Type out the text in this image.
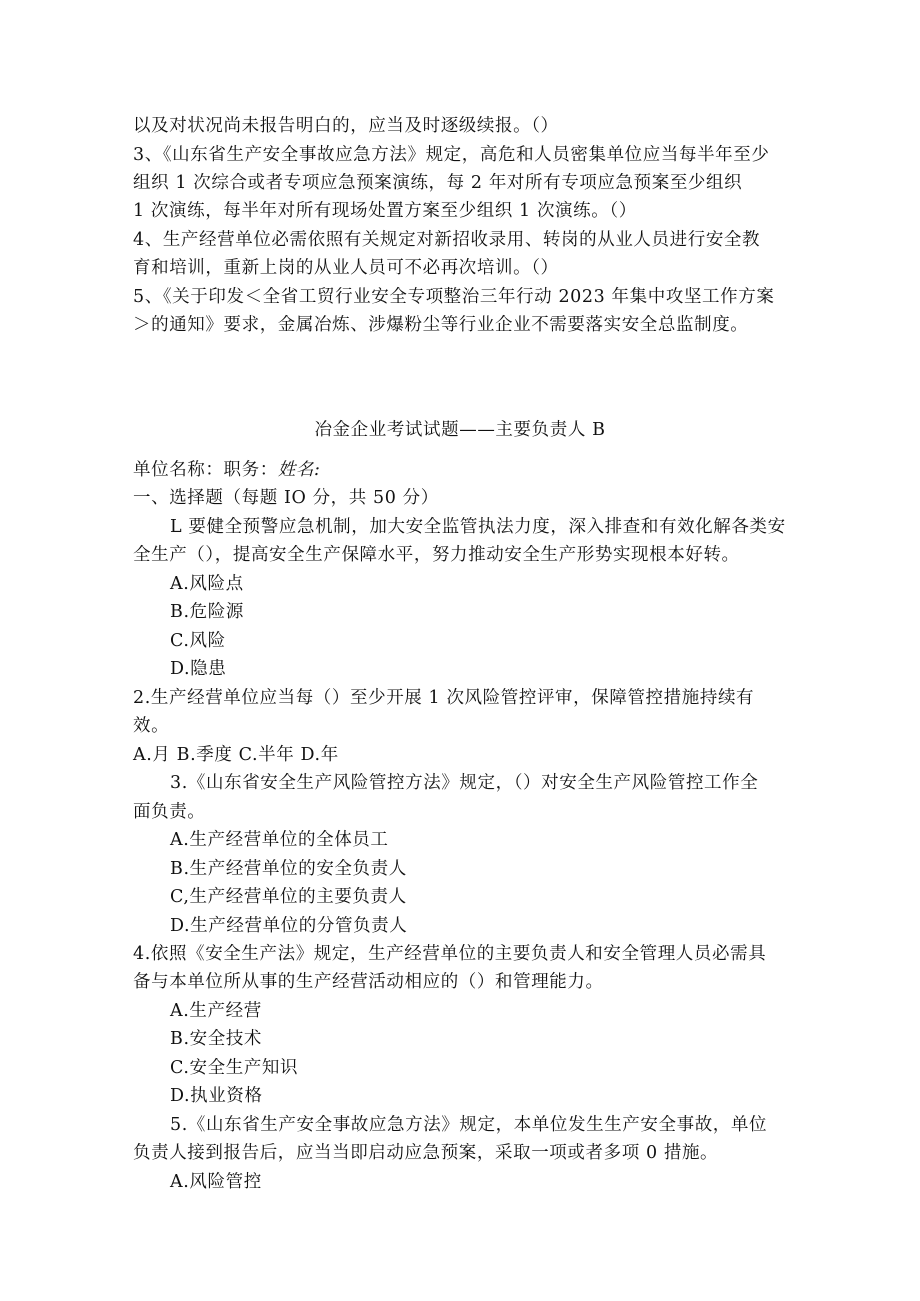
以及对状况尚未报告明白的，应当及时逐级续报。（）

3、《山东省生产安全事故应急方法》规定，高危和人员密集单位应当每半年至少

组织 1 次综合或者专项应急预案演练，每 2 年对所有专项应急预案至少组织

1 次演练，每半年对所有现场处置方案至少组织 1 次演练。（）

4、生产经营单位必需依照有关规定对新招收录用、转岗的从业人员进行安全教

育和培训，重新上岗的从业人员可不必再次培训。（）

5、《关于印发＜全省工贸行业安全专项整治三年行动 2023 年集中攻坚工作方案

＞的通知》要求，金属冶炼、涉爆粉尘等行业企业不需要落实安全总监制度。

冶金企业考试试题——主要负责人 B

单位名称：职务：姓名:

一、选择题（每题 IO 分，共 50 分）

L 要健全预警应急机制，加大安全监管执法力度，深入排查和有效化解各类安

全生产（），提高安全生产保障水平，努力推动安全生产形势实现根本好转。

A.风险点

B.危险源

C.风险

D.隐患

2.生产经营单位应当每（）至少开展 1 次风险管控评审，保障管控措施持续有

效。

A.月 B.季度 C.半年 D.年

3.《山东省安全生产风险管控方法》规定，（）对安全生产风险管控工作全

面负责。

A.生产经营单位的全体员工

B.生产经营单位的安全负责人

C,生产经营单位的主要负责人

D.生产经营单位的分管负责人

4.依照《安全生产法》规定，生产经营单位的主要负责人和安全管理人员必需具

备与本单位所从事的生产经营活动相应的（）和管理能力。

A.生产经营

B.安全技术

C.安全生产知识

D.执业资格

5.《山东省生产安全事故应急方法》规定，本单位发生生产安全事故，单位

负责人接到报告后，应当当即启动应急预案，采取一项或者多项 0 措施。

A.风险管控
